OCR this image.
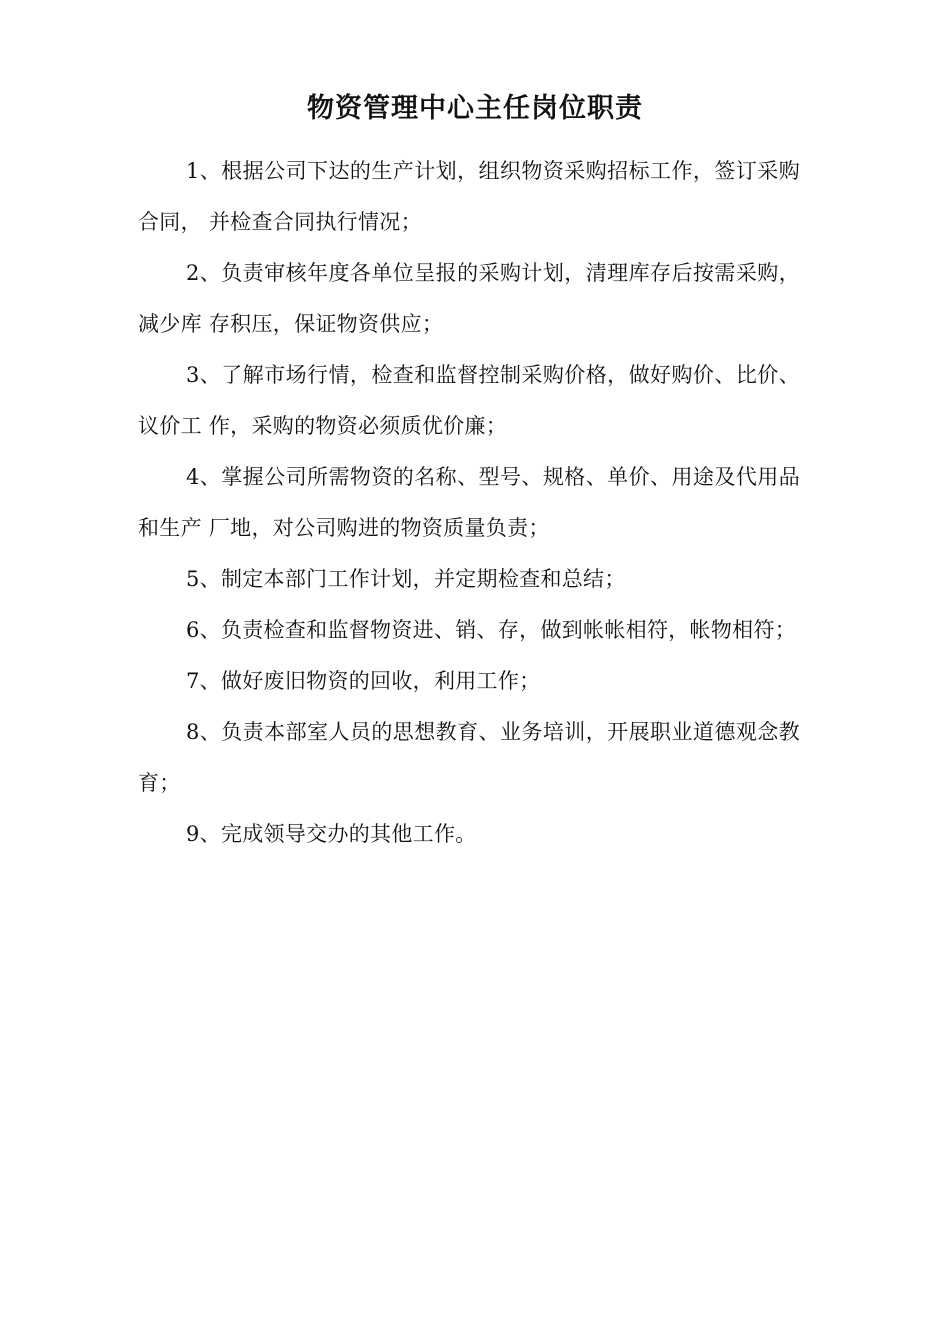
物资管理中心主任岗位职责

1、根据公司下达的生产计划，组织物资采购招标工作，签订采购合同， 并检查合同执行情况；

2、负责审核年度各单位呈报的采购计划，清理库存后按需采购，减少库 存积压，保证物资供应；

3、了解市场行情，检查和监督控制采购价格，做好购价、比价、议价工 作，采购的物资必须质优价廉；

4、掌握公司所需物资的名称、型号、规格、单价、用途及代用品和生产 厂地，对公司购进的物资质量负责；

5、制定本部门工作计划，并定期检查和总结；

6、负责检查和监督物资进、销、存，做到帐帐相符，帐物相符；

7、做好废旧物资的回收，利用工作；

8、负责本部室人员的思想教育、业务培训，开展职业道德观念教育；

9、完成领导交办的其他工作。
